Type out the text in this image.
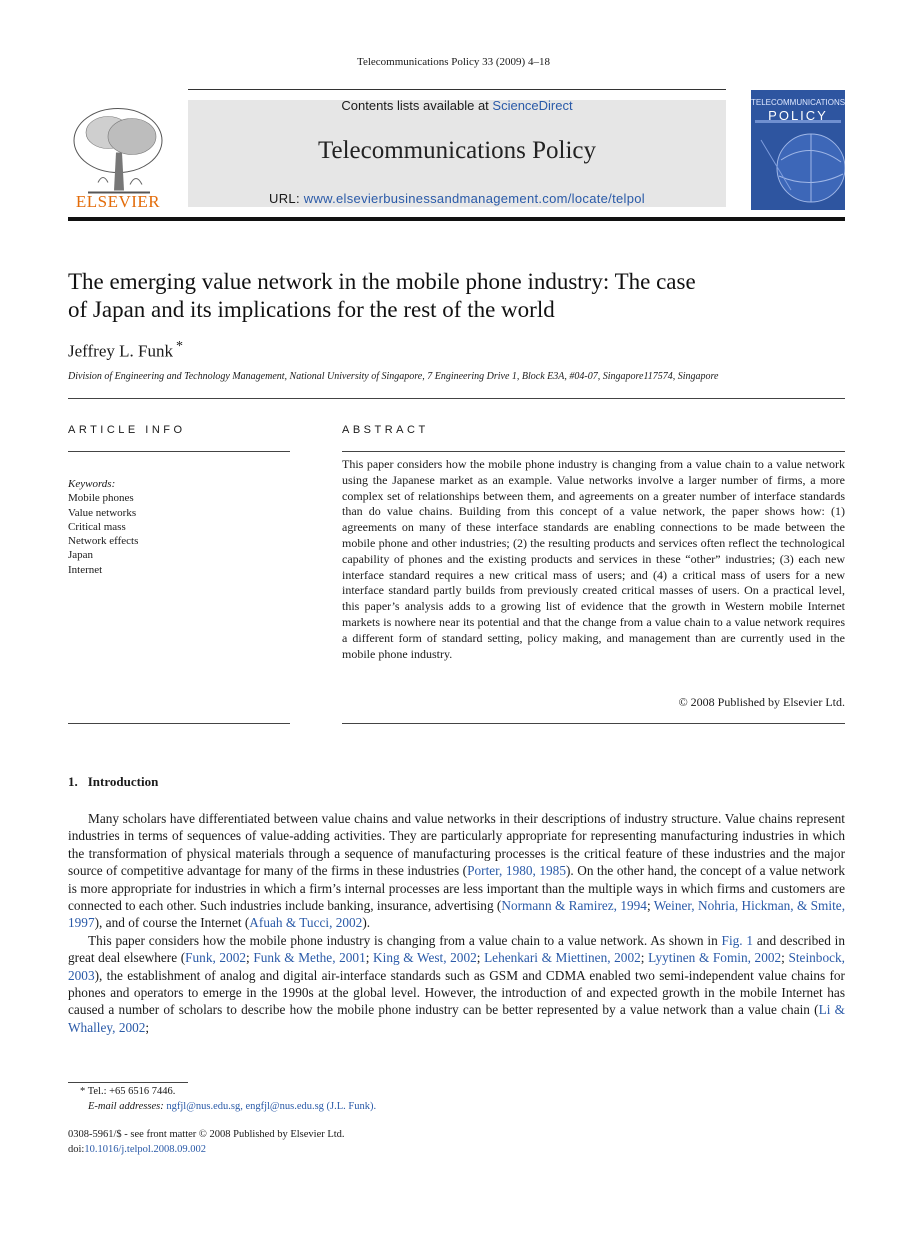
Telecommunications Policy 33 (2009) 4–18
ELSEVIER
Contents lists available at ScienceDirect
Telecommunications Policy
URL: www.elsevierbusinessandmanagement.com/locate/telpol
TELECOMMUNICATIONS
POLICY
The emerging value network in the mobile phone industry: The case
of Japan and its implications for the rest of the world
Jeffrey L. Funk *
Division of Engineering and Technology Management, National University of Singapore, 7 Engineering Drive 1, Block E3A, #04-07, Singapore117574, Singapore
ARTICLE INFO	ABSTRACT
Keywords:
Mobile phones
Value networks
Critical mass
Network effects
Japan
Internet
This paper considers how the mobile phone industry is changing from a value chain to a value network using the Japanese market as an example. Value networks involve a larger number of firms, a more complex set of relationships between them, and agreements on a greater number of interface standards than do value chains. Building from this concept of a value network, the paper shows how: (1) agreements on many of these interface standards are enabling connections to be made between the mobile phone and other industries; (2) the resulting products and services often reflect the technological capability of phones and the existing products and services in these “other” industries; (3) each new interface standard requires a new critical mass of users; and (4) a critical mass of users for a new interface standard partly builds from previously created critical masses of users. On a practical level, this paper’s analysis adds to a growing list of evidence that the growth in Western mobile Internet markets is nowhere near its potential and that the change from a value chain to a value network requires a different form of standard setting, policy making, and management than are currently used in the mobile phone industry.
© 2008 Published by Elsevier Ltd.
1. Introduction

Many scholars have differentiated between value chains and value networks in their descriptions of industry structure. Value chains represent industries in terms of sequences of value-adding activities. They are particularly appropriate for representing manufacturing industries in which the transformation of physical materials through a sequence of manufacturing processes is the critical feature of these industries and the major source of competitive advantage for many of the firms in these industries (Porter, 1980, 1985). On the other hand, the concept of a value network is more appropriate for industries in which a firm’s internal processes are less important than the multiple ways in which firms and customers are connected to each other. Such industries include banking, insurance, advertising (Normann & Ramirez, 1994; Weiner, Nohria, Hickman, & Smite, 1997), and of course the Internet (Afuah & Tucci, 2002).

This paper considers how the mobile phone industry is changing from a value chain to a value network. As shown in Fig. 1 and described in great deal elsewhere (Funk, 2002; Funk & Methe, 2001; King & West, 2002; Lehenkari & Miettinen, 2002; Lyytinen & Fomin, 2002; Steinbock, 2003), the establishment of analog and digital air-interface standards such as GSM and CDMA enabled two semi-independent value chains for phones and operators to emerge in the 1990s at the global level. However, the introduction of and expected growth in the mobile Internet has caused a number of scholars to describe how the mobile phone industry can be better represented by a value network than a value chain (Li & Whalley, 2002;

* Tel.: +65 6516 7446.
E-mail addresses: ngfjl@nus.edu.sg, engfjl@nus.edu.sg (J.L. Funk).
0308-5961/$ - see front matter © 2008 Published by Elsevier Ltd.
doi:10.1016/j.telpol.2008.09.002
